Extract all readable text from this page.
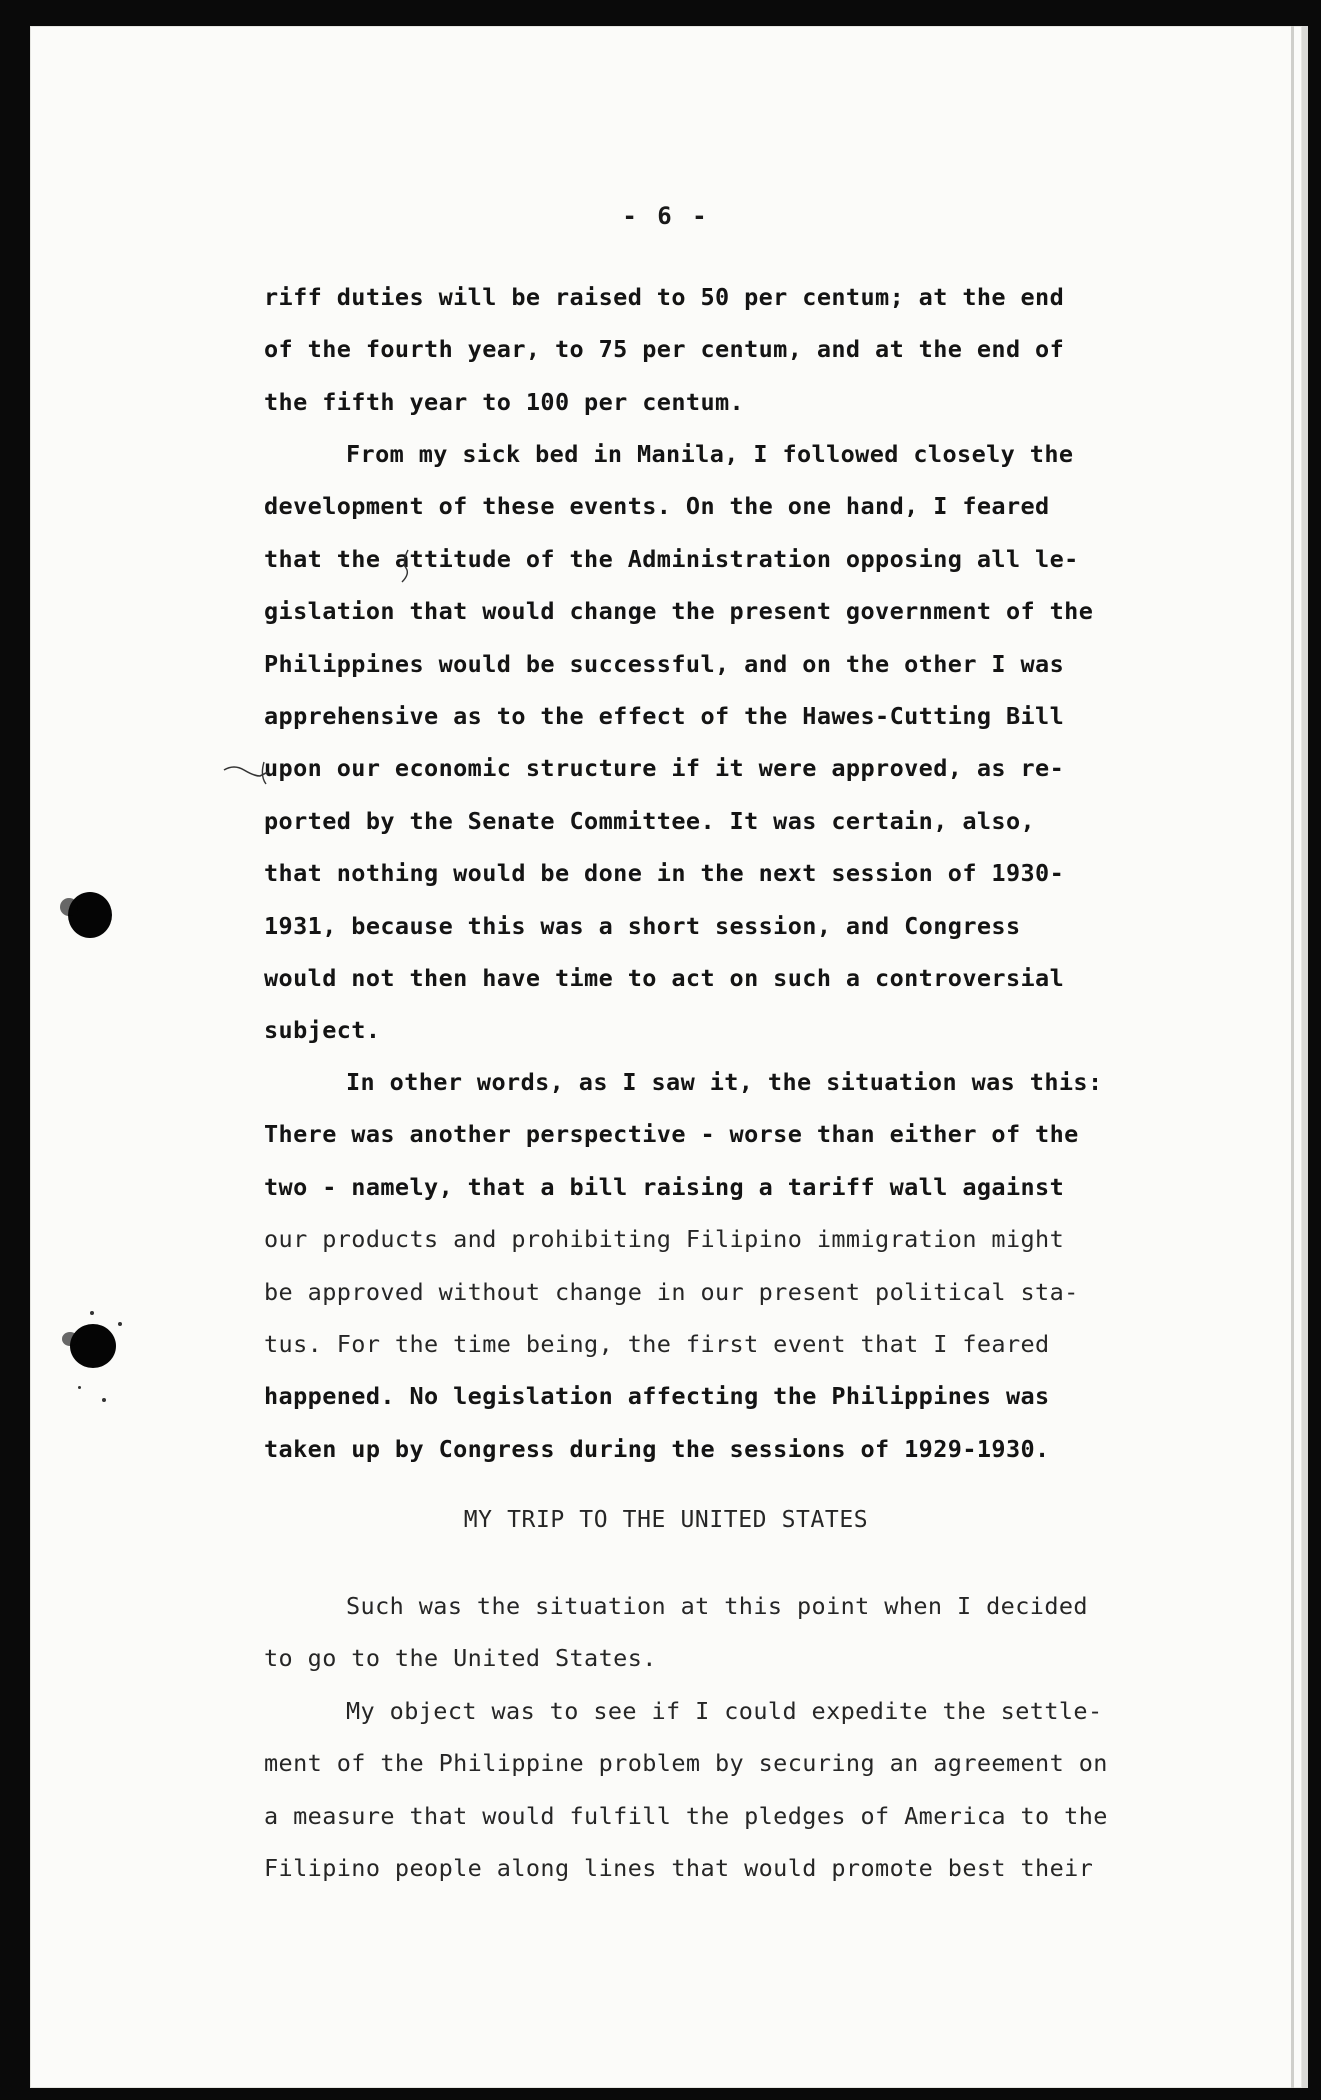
- 6 -
riff duties will be raised to 50 per centum; at the end
of the fourth year, to 75 per centum, and at the end of
the fifth year to 100 per centum.
From my sick bed in Manila, I followed closely the
development of these events. On the one hand, I feared
that the attitude of the Administration opposing all le-
gislation that would change the present government of the
Philippines would be successful, and on the other I was
apprehensive as to the effect of the Hawes-Cutting Bill
upon our economic structure if it were approved, as re-
ported by the Senate Committee. It was certain, also,
that nothing would be done in the next session of 1930-
1931, because this was a short session, and Congress
would not then have time to act on such a controversial
subject.
In other words, as I saw it, the situation was this:
There was another perspective - worse than either of the
two - namely, that a bill raising a tariff wall against
our products and prohibiting Filipino immigration might
be approved without change in our present political sta-
tus. For the time being, the first event that I feared
happened. No legislation affecting the Philippines was
taken up by Congress during the sessions of 1929-1930.
MY TRIP TO THE UNITED STATES
Such was the situation at this point when I decided
to go to the United States.
My object was to see if I could expedite the settle-
ment of the Philippine problem by securing an agreement on
a measure that would fulfill the pledges of America to the
Filipino people along lines that would promote best their
